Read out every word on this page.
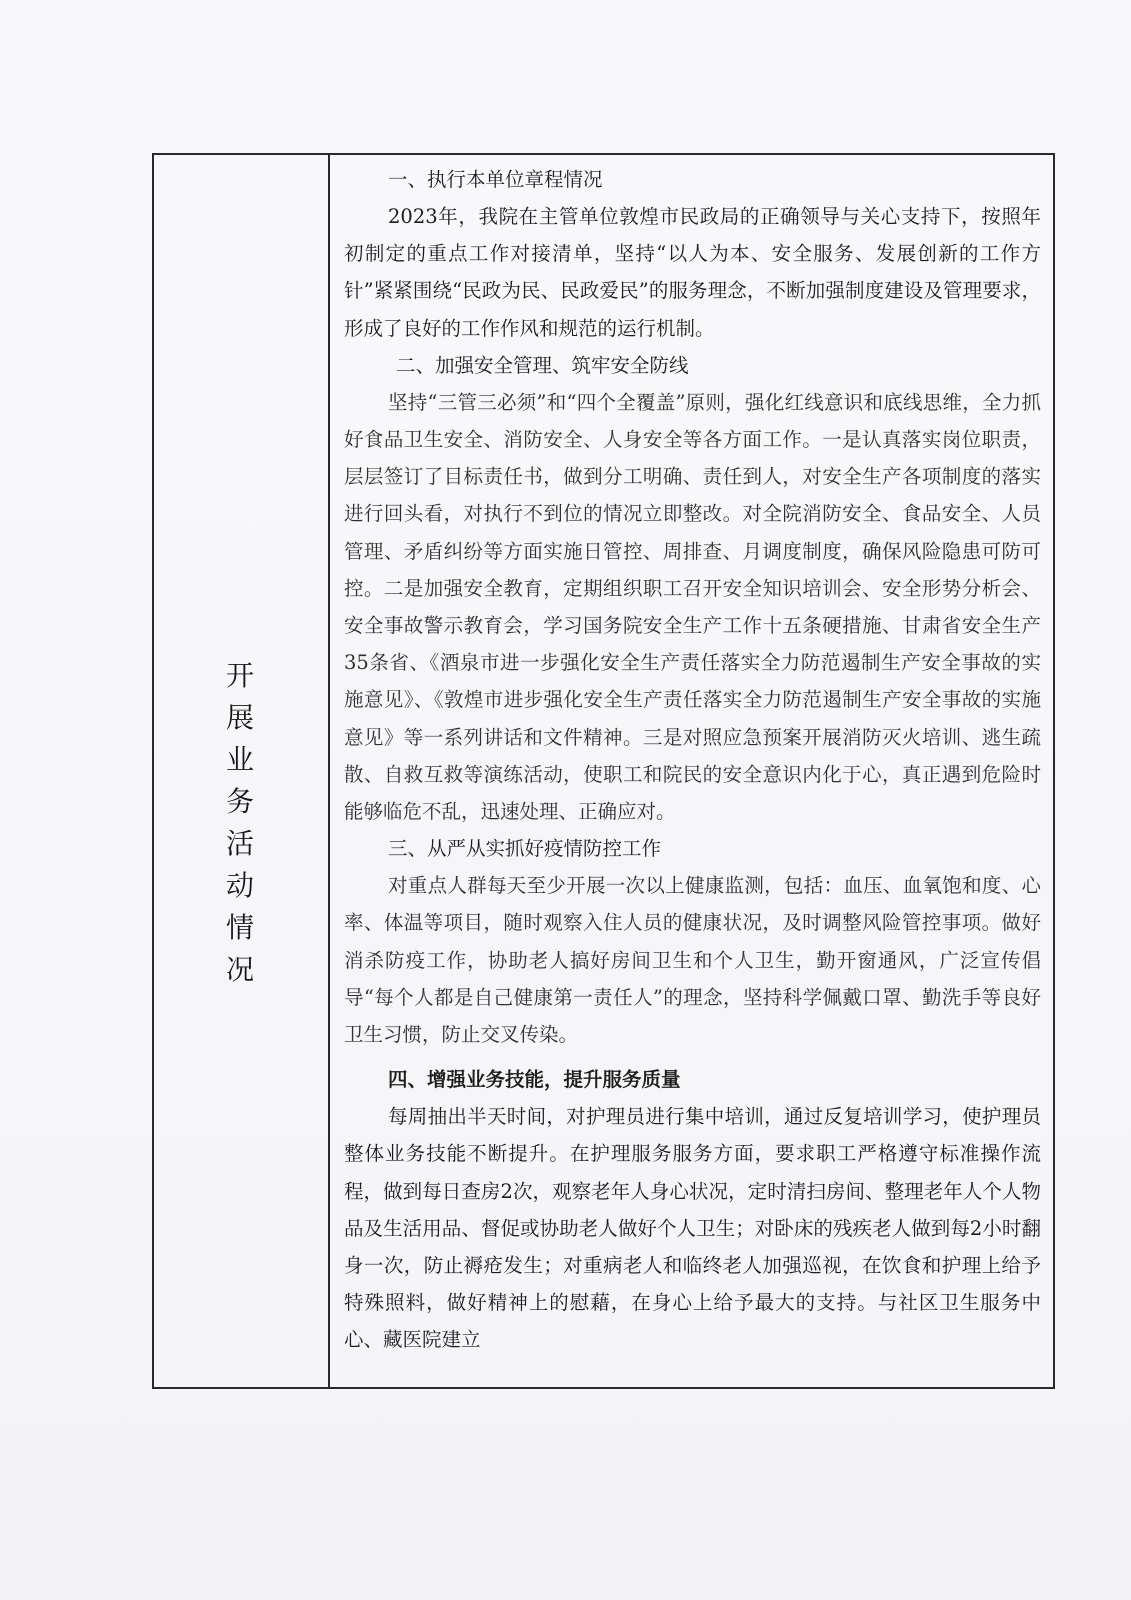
开展业务活动情况

一、执行本单位章程情况

2023年，我院在主管单位敦煌市民政局的正确领导与关心支持下，按照年初制定的重点工作对接清单，坚持“以人为本、安全服务、发展创新的工作方针”紧紧围绕“民政为民、民政爱民”的服务理念，不断加强制度建设及管理要求，形成了良好的工作作风和规范的运行机制。

二、加强安全管理、筑牢安全防线

坚持“三管三必须”和“四个全覆盖”原则，强化红线意识和底线思维，全力抓好食品卫生安全、消防安全、人身安全等各方面工作。一是认真落实岗位职责，层层签订了目标责任书，做到分工明确、责任到人，对安全生产各项制度的落实进行回头看，对执行不到位的情况立即整改。对全院消防安全、食品安全、人员管理、矛盾纠纷等方面实施日管控、周排查、月调度制度，确保风险隐患可防可控。二是加强安全教育，定期组织职工召开安全知识培训会、安全形势分析会、安全事故警示教育会，学习国务院安全生产工作十五条硬措施、甘肃省安全生产35条省、《酒泉市进一步强化安全生产责任落实全力防范遏制生产安全事故的实施意见》、《敦煌市进步强化安全生产责任落实全力防范遏制生产安全事故的实施意见》等一系列讲话和文件精神。三是对照应急预案开展消防灭火培训、逃生疏散、自救互救等演练活动，使职工和院民的安全意识内化于心，真正遇到危险时能够临危不乱，迅速处理、正确应对。

三、从严从实抓好疫情防控工作

对重点人群每天至少开展一次以上健康监测，包括：血压、血氧饱和度、心率、体温等项目，随时观察入住人员的健康状况，及时调整风险管控事项。做好消杀防疫工作，协助老人搞好房间卫生和个人卫生，勤开窗通风，广泛宣传倡导“每个人都是自己健康第一责任人”的理念，坚持科学佩戴口罩、勤洗手等良好卫生习惯，防止交叉传染。

四、增强业务技能，提升服务质量

每周抽出半天时间，对护理员进行集中培训，通过反复培训学习，使护理员整体业务技能不断提升。在护理服务服务方面，要求职工严格遵守标准操作流程，做到每日查房2次，观察老年人身心状况，定时清扫房间、整理老年人个人物品及生活用品、督促或协助老人做好个人卫生；对卧床的残疾老人做到每2小时翻身一次，防止褥疮发生；对重病老人和临终老人加强巡视，在饮食和护理上给予特殊照料，做好精神上的慰藉，在身心上给予最大的支持。与社区卫生服务中心、藏医院建立
